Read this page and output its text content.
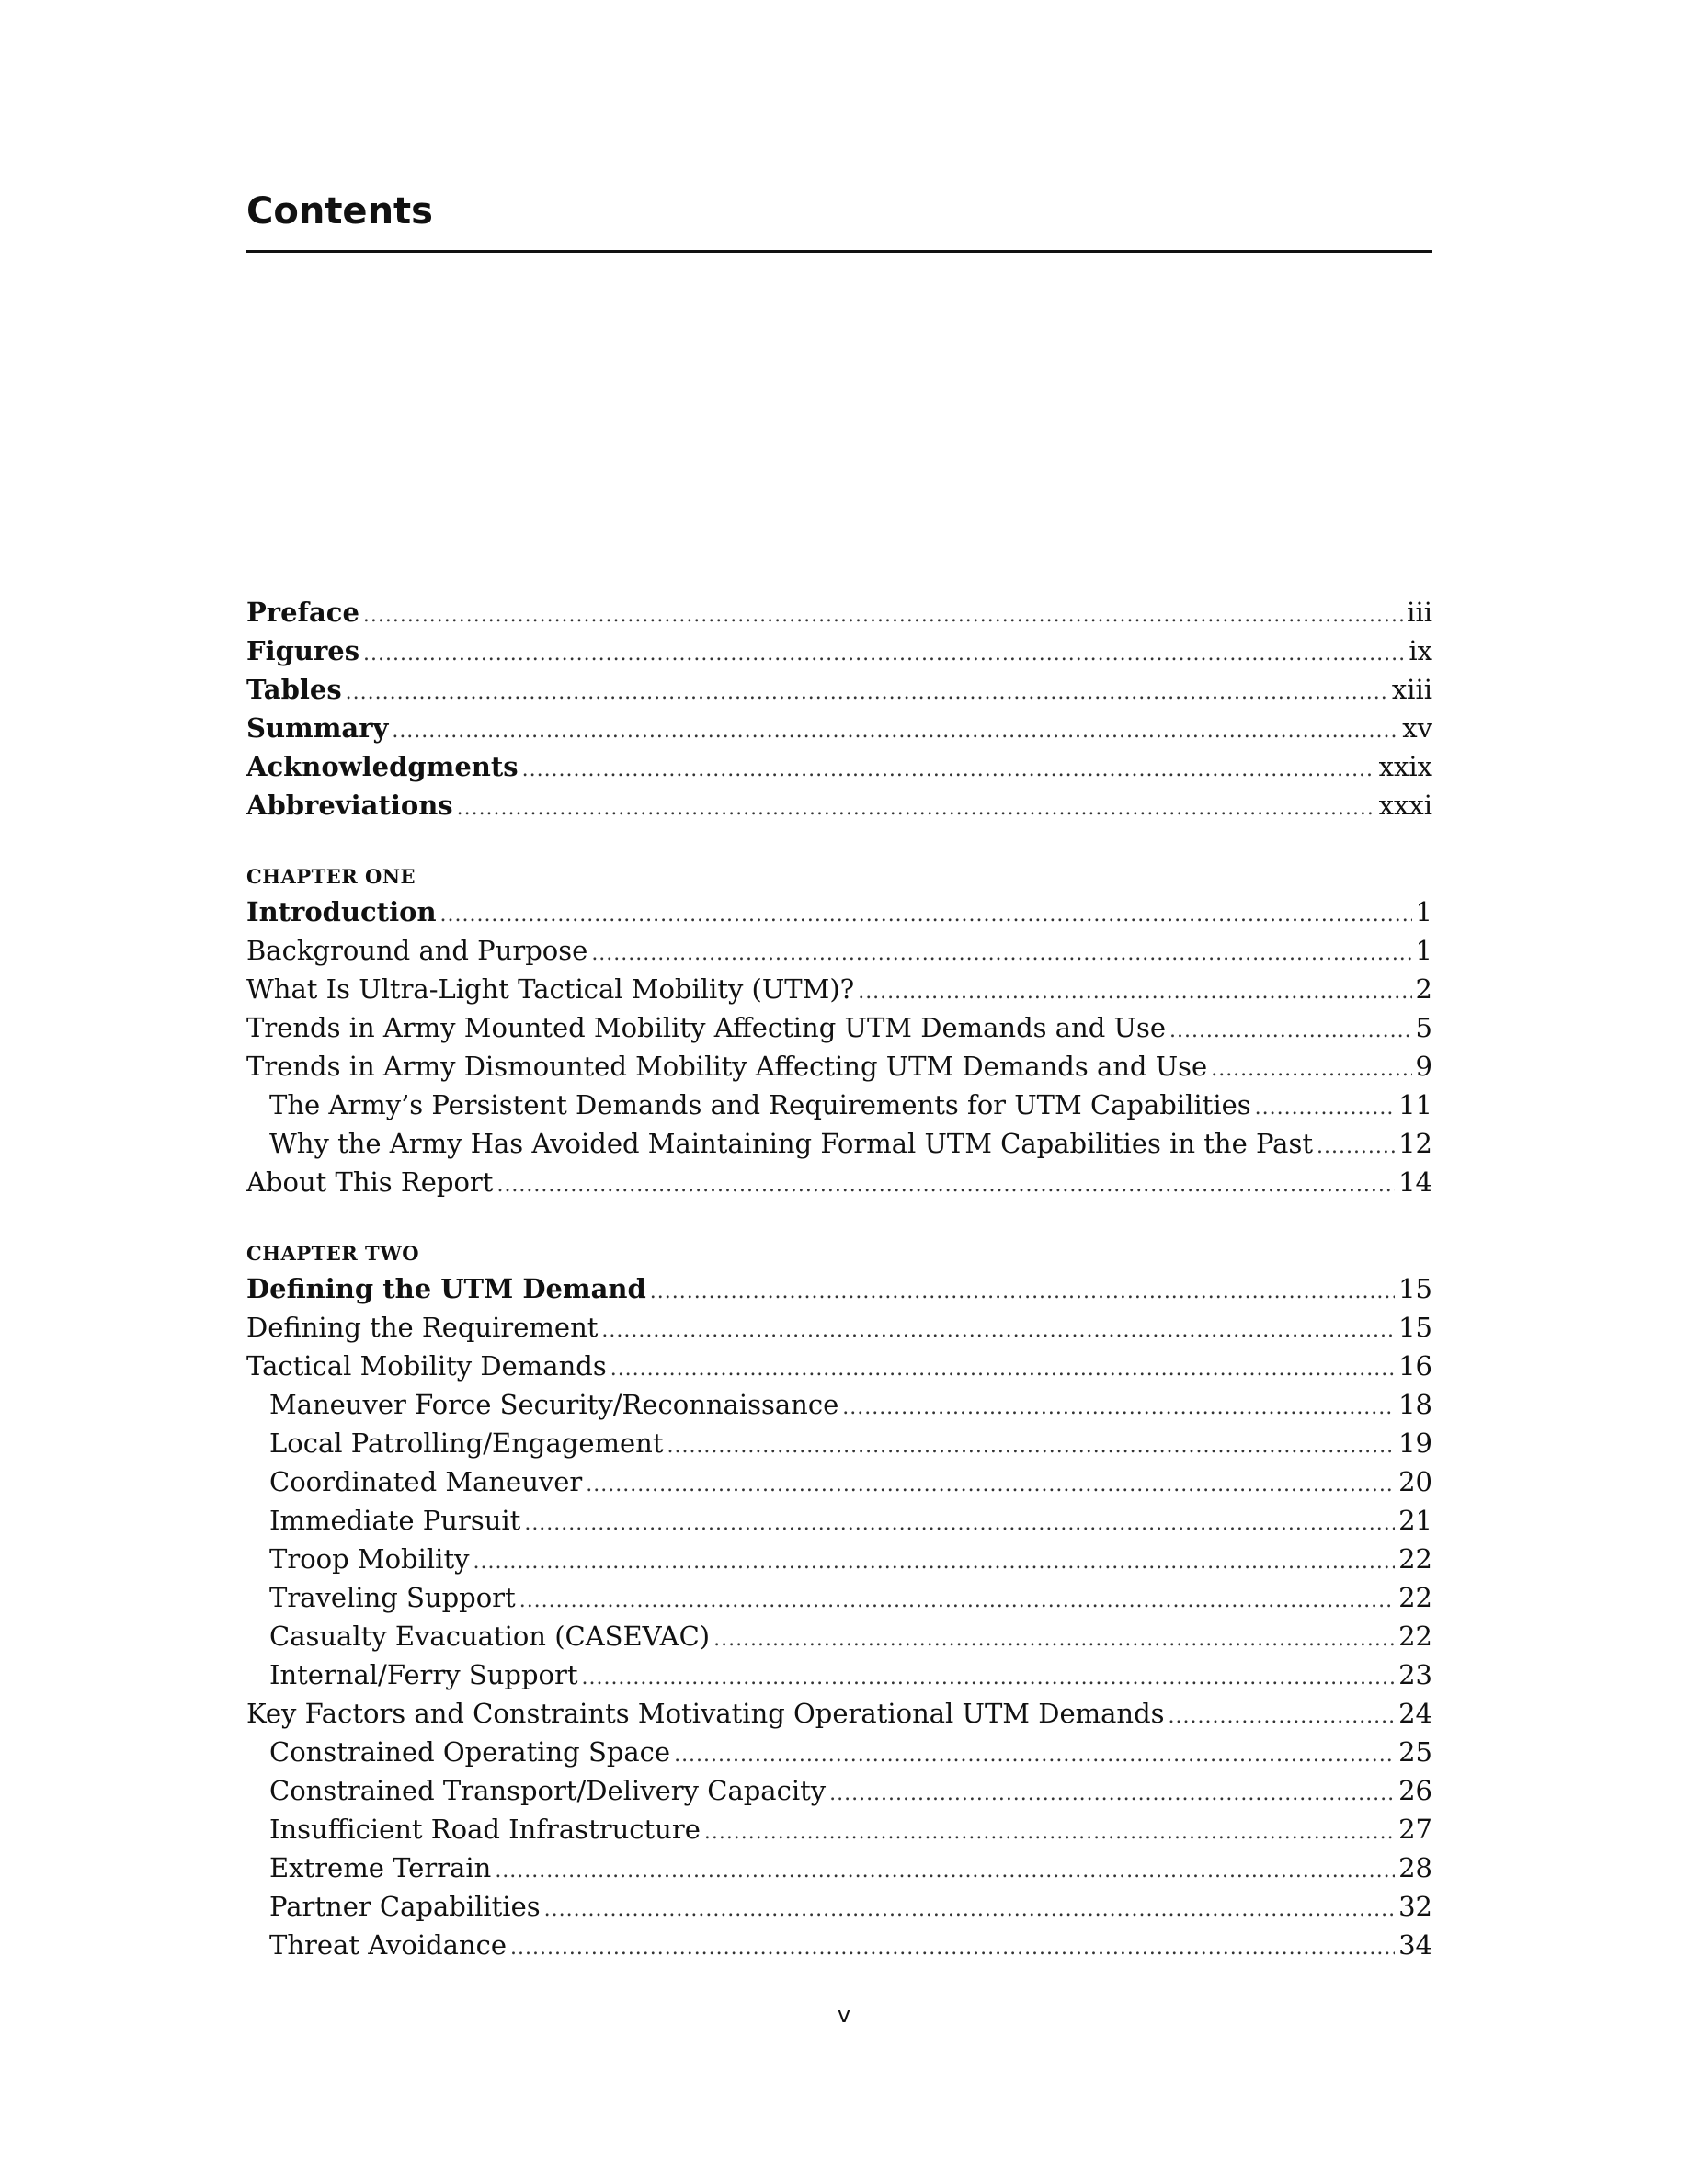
Contents
Preface . . .	iii
Figures . . .	ix
Tables . . .	xiii
Summary . . .	xv
Acknowledgments . . .	xxix
Abbreviations . . .	xxxi
CHAPTER ONE
Introduction . . .	1
Background and Purpose . . .	1
What Is Ultra-Light Tactical Mobility (UTM)? . . .	2
Trends in Army Mounted Mobility Affecting UTM Demands and Use . . .	5
Trends in Army Dismounted Mobility Affecting UTM Demands and Use . . .	9
The Army’s Persistent Demands and Requirements for UTM Capabilities . . .	11
Why the Army Has Avoided Maintaining Formal UTM Capabilities in the Past . . .	12
About This Report . . .	14
CHAPTER TWO
Defining the UTM Demand . . .	15
Defining the Requirement . . .	15
Tactical Mobility Demands . . .	16
Maneuver Force Security/Reconnaissance . . .	18
Local Patrolling/Engagement . . .	19
Coordinated Maneuver . . .	20
Immediate Pursuit . . .	21
Troop Mobility . . .	22
Traveling Support . . .	22
Casualty Evacuation (CASEVAC) . . .	22
Internal/Ferry Support . . .	23
Key Factors and Constraints Motivating Operational UTM Demands . . .	24
Constrained Operating Space . . .	25
Constrained Transport/Delivery Capacity . . .	26
Insufficient Road Infrastructure . . .	27
Extreme Terrain . . .	28
Partner Capabilities . . .	32
Threat Avoidance . . .	34
v
